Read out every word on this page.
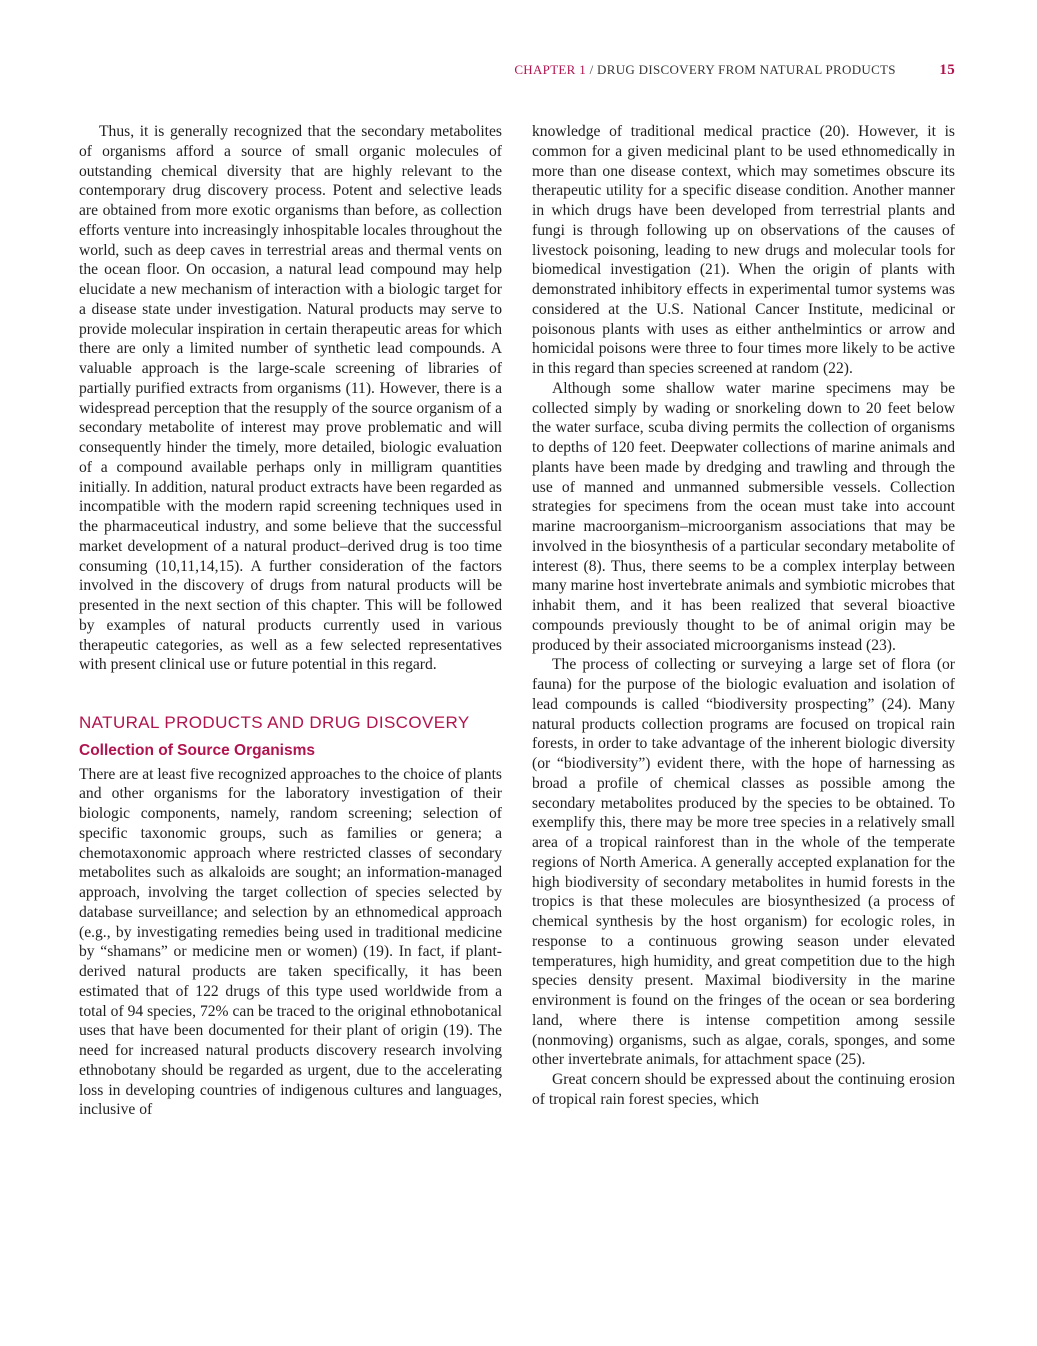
CHAPTER 1 / DRUG DISCOVERY FROM NATURAL PRODUCTS	15

Thus, it is generally recognized that the secondary metabolites of organisms afford a source of small organic molecules of outstanding chemical diversity that are highly relevant to the contemporary drug discovery process. Potent and selective leads are obtained from more exotic organisms than before, as collection efforts venture into increasingly inhospitable locales throughout the world, such as deep caves in terrestrial areas and thermal vents on the ocean floor. On occasion, a natural lead compound may help elucidate a new mechanism of interaction with a biologic target for a disease state under investigation. Natural products may serve to provide molecular inspiration in certain therapeutic areas for which there are only a limited number of synthetic lead compounds. A valuable approach is the large-scale screening of libraries of partially purified extracts from organisms (11). However, there is a widespread perception that the resupply of the source organism of a secondary metabolite of interest may prove problematic and will consequently hinder the timely, more detailed, biologic evaluation of a compound available perhaps only in milligram quantities initially. In addition, natural product extracts have been regarded as incompatible with the modern rapid screening techniques used in the pharmaceutical industry, and some believe that the successful market development of a natural product–derived drug is too time consuming (10,11,14,15). A further consideration of the factors involved in the discovery of drugs from natural products will be presented in the next section of this chapter. This will be followed by examples of natural products currently used in various therapeutic categories, as well as a few selected representatives with present clinical use or future potential in this regard.

NATURAL PRODUCTS AND DRUG DISCOVERY
Collection of Source Organisms

There are at least five recognized approaches to the choice of plants and other organisms for the laboratory investigation of their biologic components, namely, random screening; selection of specific taxonomic groups, such as families or genera; a chemotaxonomic approach where restricted classes of secondary metabolites such as alkaloids are sought; an information-managed approach, involving the target collection of species selected by database surveillance; and selection by an ethnomedical approach (e.g., by investigating remedies being used in traditional medicine by “shamans” or medicine men or women) (19). In fact, if plant-derived natural products are taken specifically, it has been estimated that of 122 drugs of this type used worldwide from a total of 94 species, 72% can be traced to the original ethnobotanical uses that have been documented for their plant of origin (19). The need for increased natural products discovery research involving ethnobotany should be regarded as urgent, due to the accelerating loss in developing countries of indigenous cultures and languages, inclusive of

knowledge of traditional medical practice (20). However, it is common for a given medicinal plant to be used ethnomedically in more than one disease context, which may sometimes obscure its therapeutic utility for a specific disease condition. Another manner in which drugs have been developed from terrestrial plants and fungi is through following up on observations of the causes of livestock poisoning, leading to new drugs and molecular tools for biomedical investigation (21). When the origin of plants with demonstrated inhibitory effects in experimental tumor systems was considered at the U.S. National Cancer Institute, medicinal or poisonous plants with uses as either anthelmintics or arrow and homicidal poisons were three to four times more likely to be active in this regard than species screened at random (22).

Although some shallow water marine specimens may be collected simply by wading or snorkeling down to 20 feet below the water surface, scuba diving permits the collection of organisms to depths of 120 feet. Deepwater collections of marine animals and plants have been made by dredging and trawling and through the use of manned and unmanned submersible vessels. Collection strategies for specimens from the ocean must take into account marine macroorganism–microorganism associations that may be involved in the biosynthesis of a particular secondary metabolite of interest (8). Thus, there seems to be a complex interplay between many marine host invertebrate animals and symbiotic microbes that inhabit them, and it has been realized that several bioactive compounds previously thought to be of animal origin may be produced by their associated microorganisms instead (23).

The process of collecting or surveying a large set of flora (or fauna) for the purpose of the biologic evaluation and isolation of lead compounds is called “biodiversity prospecting” (24). Many natural products collection programs are focused on tropical rain forests, in order to take advantage of the inherent biologic diversity (or “biodiversity”) evident there, with the hope of harnessing as broad a profile of chemical classes as possible among the secondary metabolites produced by the species to be obtained. To exemplify this, there may be more tree species in a relatively small area of a tropical rainforest than in the whole of the temperate regions of North America. A generally accepted explanation for the high biodiversity of secondary metabolites in humid forests in the tropics is that these molecules are biosynthesized (a process of chemical synthesis by the host organism) for ecologic roles, in response to a continuous growing season under elevated temperatures, high humidity, and great competition due to the high species density present. Maximal biodiversity in the marine environment is found on the fringes of the ocean or sea bordering land, where there is intense competition among sessile (nonmoving) organisms, such as algae, corals, sponges, and some other invertebrate animals, for attachment space (25).

Great concern should be expressed about the continuing erosion of tropical rain forest species, which
